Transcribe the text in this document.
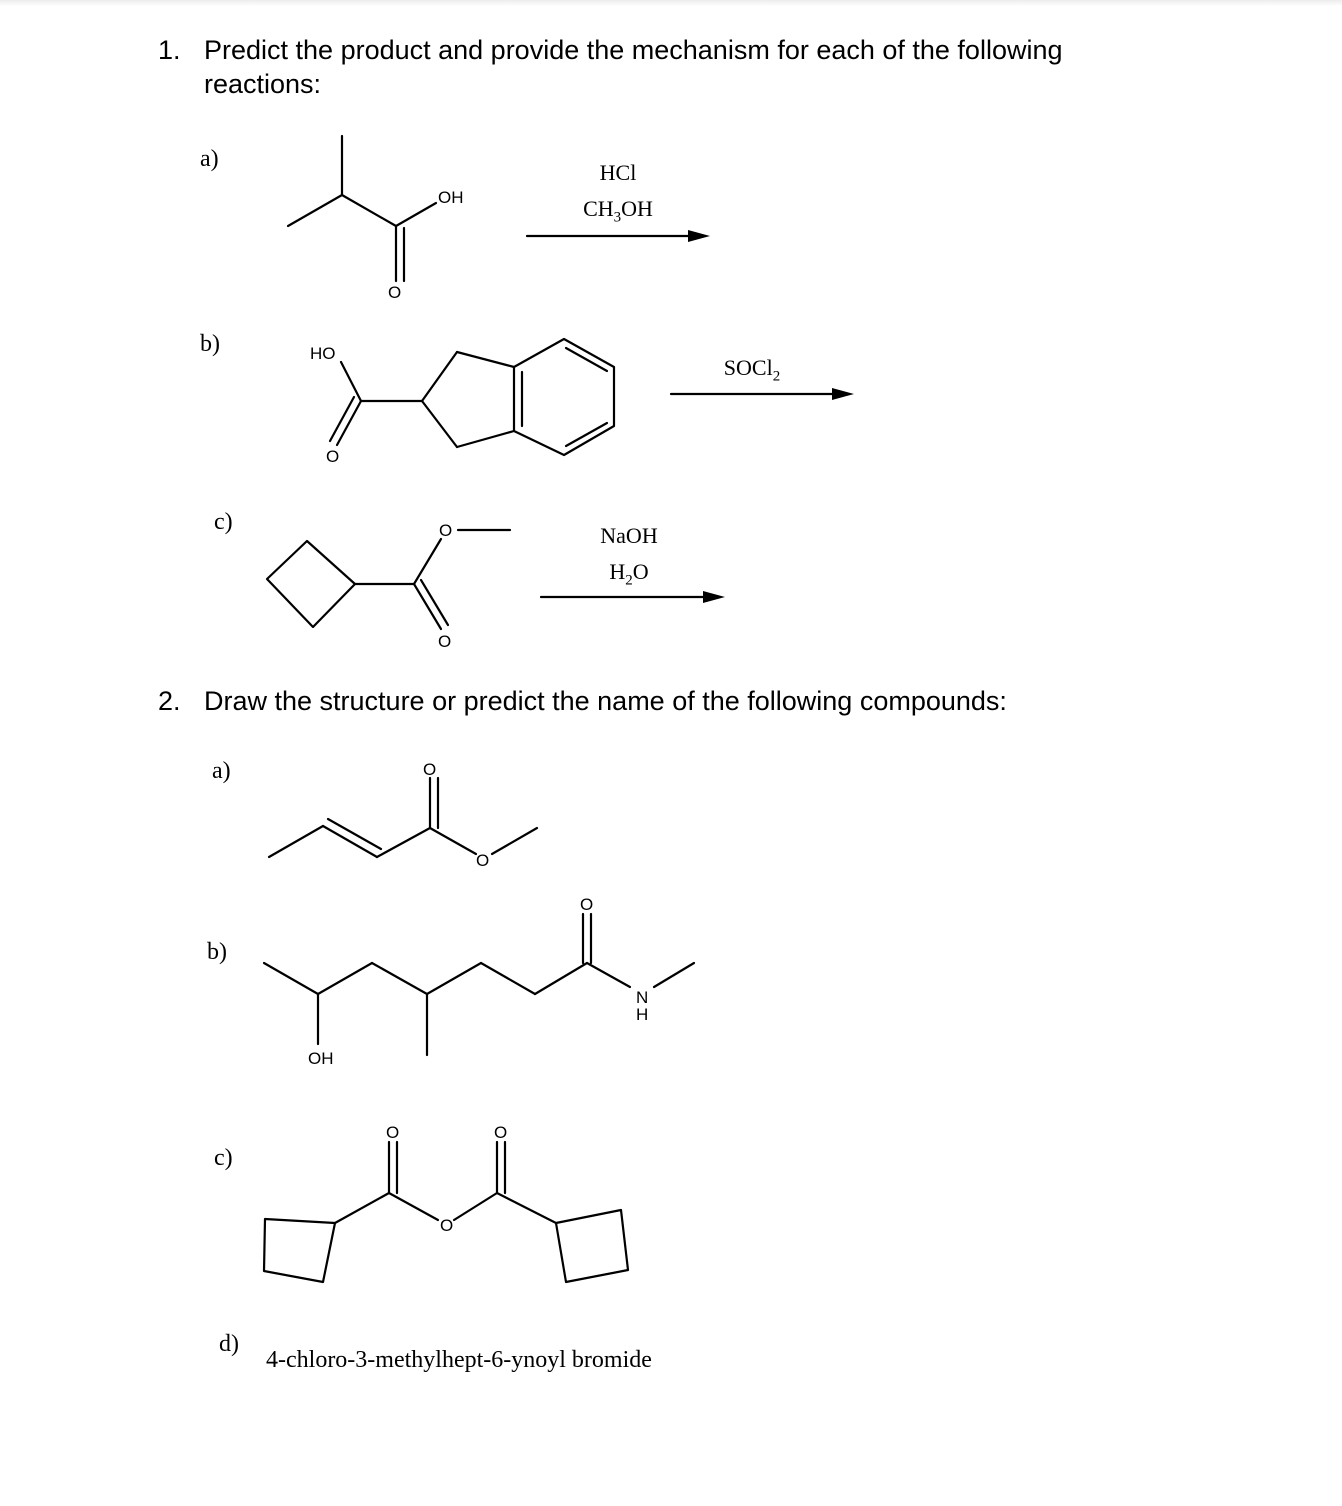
1. Predict the product and provide the mechanism for each of the following
reactions:
a)
b)
c)
HCl
$CH_3OH$
SOCl$_2$
NaOH
$H_2O$
2. Draw the structure or predict the name of the following compounds:
a)
b)
c)
d)
4-chloro-3-methylhept-6-ynoyl bromide
OH
O
HO
O
O
O
O
O
O
N
H
OH
O
O
O
